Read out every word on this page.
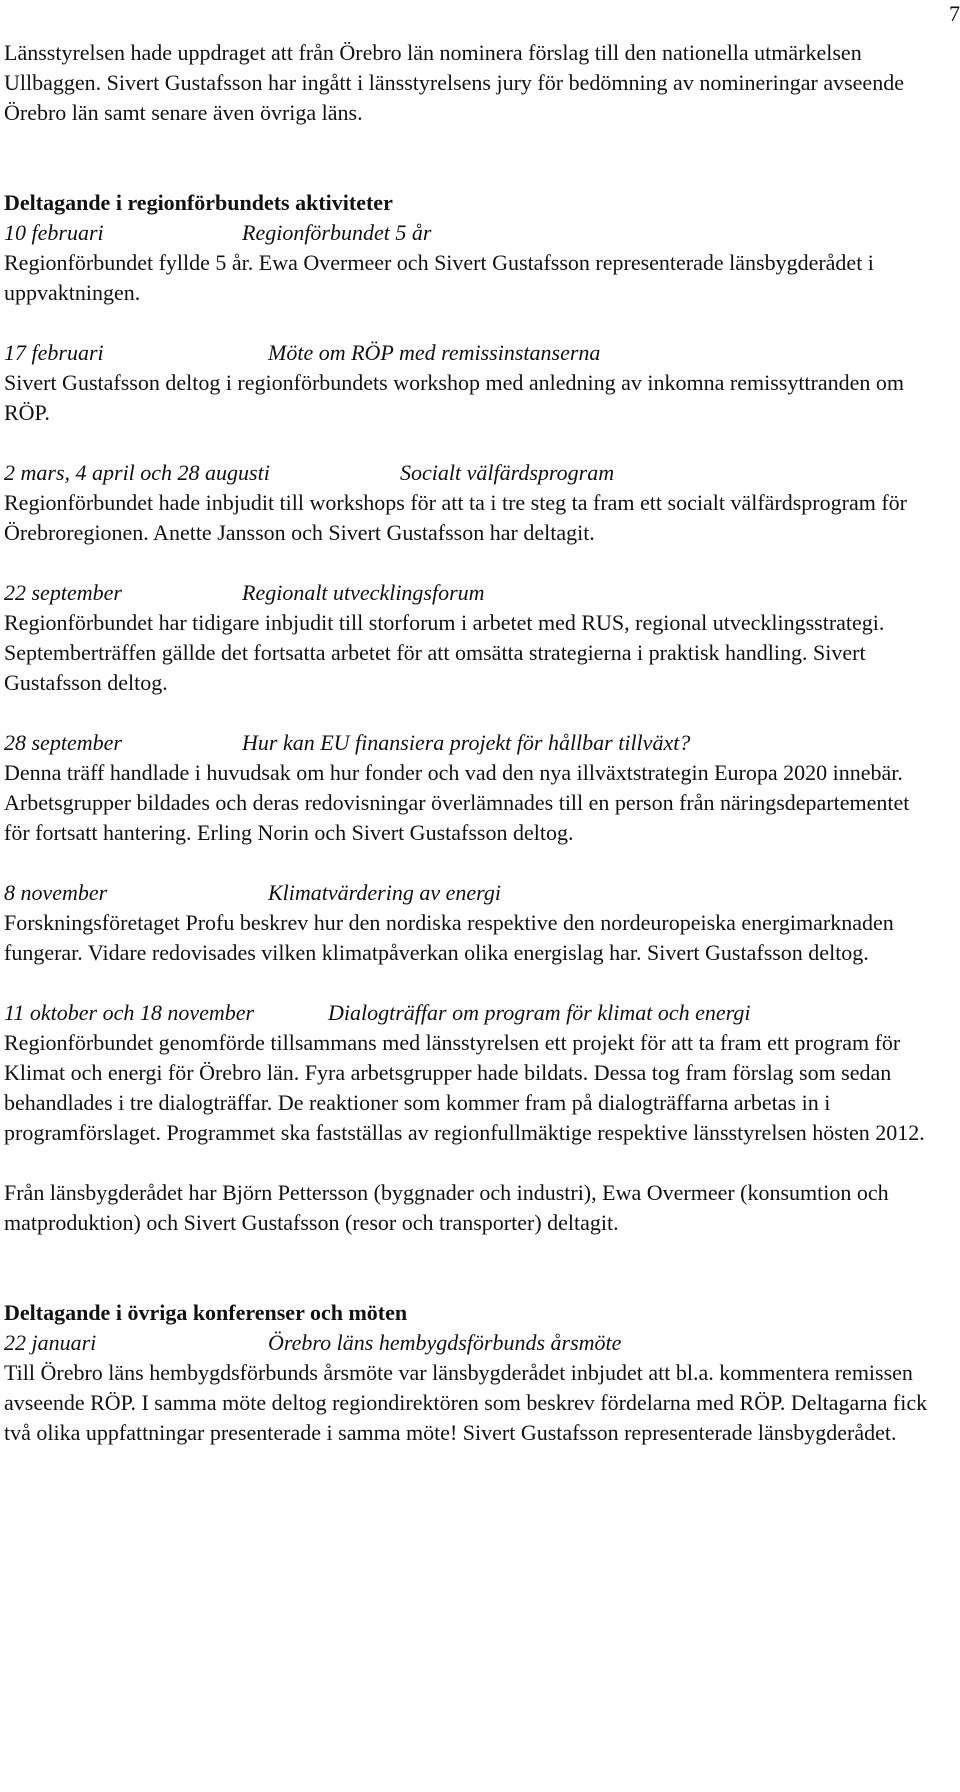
7

Länsstyrelsen hade uppdraget att från Örebro län nominera förslag till den nationella utmärkelsen Ullbaggen. Sivert Gustafsson har ingått i länsstyrelsens jury för bedömning av nomineringar avseende Örebro län samt senare även övriga läns.

Deltagande i regionförbundets aktiviteter

10 februari	Regionförbundet 5 år

Regionförbundet fyllde 5 år. Ewa Overmeer och Sivert Gustafsson representerade länsbygderådet i uppvaktningen.

17 februari	Möte om RÖP med remissinstanserna

Sivert Gustafsson deltog i regionförbundets workshop med anledning av inkomna remissyttranden om RÖP.

2 mars, 4 april och 28 augusti	Socialt välfärdsprogram

Regionförbundet hade inbjudit till workshops för att ta i tre steg ta fram ett socialt välfärdsprogram för Örebroregionen. Anette Jansson och Sivert Gustafsson har deltagit.

22 september	Regionalt utvecklingsforum

Regionförbundet har tidigare inbjudit till storforum i arbetet med RUS, regional utvecklingsstrategi. Septemberträffen gällde det fortsatta arbetet för att omsätta strategierna i praktisk handling. Sivert Gustafsson deltog.

28 september	Hur kan EU finansiera projekt för hållbar tillväxt?

Denna träff handlade i huvudsak om hur fonder och vad den nya illväxtstrategin Europa 2020 innebär. Arbetsgrupper bildades och deras redovisningar överlämnades till en person från näringsdepartementet för fortsatt hantering. Erling Norin och Sivert Gustafsson deltog.

8 november	Klimatvärdering av energi

Forskningsföretaget Profu beskrev hur den nordiska respektive den nordeuropeiska energimarknaden fungerar. Vidare redovisades vilken klimatpåverkan olika energislag har. Sivert Gustafsson deltog.

11 oktober och 18 november	Dialogträffar om program för klimat och energi

Regionförbundet genomförde tillsammans med länsstyrelsen ett projekt för att ta fram ett program för Klimat och energi för Örebro län. Fyra arbetsgrupper hade bildats. Dessa tog fram förslag som sedan behandlades i tre dialogträffar. De reaktioner som kommer fram på dialogträffarna arbetas in i programförslaget. Programmet ska fastställas av regionfullmäktige respektive länsstyrelsen hösten 2012.

Från länsbygderådet har Björn Pettersson (byggnader och industri), Ewa Overmeer (konsumtion och matproduktion) och Sivert Gustafsson (resor och transporter) deltagit.

Deltagande i övriga konferenser och möten

22 januari	Örebro läns hembygdsförbunds årsmöte

Till Örebro läns hembygdsförbunds årsmöte var länsbygderådet inbjudet att bl.a. kommentera remissen avseende RÖP. I samma möte deltog regiondirektören som beskrev fördelarna med RÖP. Deltagarna fick två olika uppfattningar presenterade i samma möte! Sivert Gustafsson representerade länsbygderådet.
